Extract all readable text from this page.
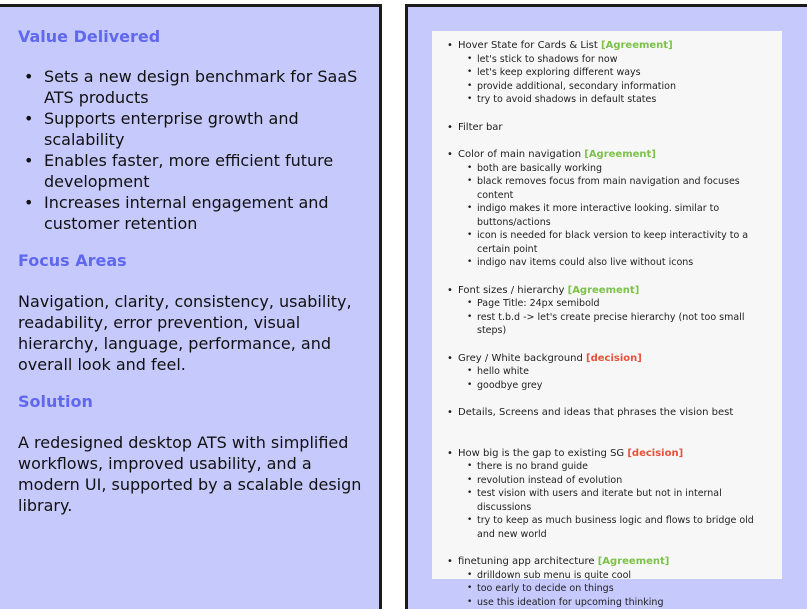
Value Delivered
• Sets a new design benchmark for SaaS ATS products
• Supports enterprise growth and scalability
• Enables faster, more efficient future development
• Increases internal engagement and customer retention
Focus Areas

Navigation, clarity, consistency, usability, readability, error prevention, visual hierarchy, language, performance, and overall look and feel.

Solution

A redesigned desktop ATS with simplified workflows, improved usability, and a modern UI, supported by a scalable design library.

• Hover State for Cards & List [Agreement]
• let's stick to shadows for now
• let's keep exploring different ways
• provide additional, secondary information
• try to avoid shadows in default states
• Filter bar
• Color of main navigation [Agreement]
• both are basically working
• black removes focus from main navigation and focuses content
• indigo makes it more interactive looking. similar to buttons/actions
• icon is needed for black version to keep interactivity to a certain point
• indigo nav items could also live without icons
• Font sizes / hierarchy [Agreement]
• Page Title: 24px semibold
• rest t.b.d -> let's create precise hierarchy (not too small steps)
• Grey / White background [decision]
• hello white
• goodbye grey
• Details, Screens and ideas that phrases the vision best
• How big is the gap to existing SG [decision]
• there is no brand guide
• revolution instead of evolution
• test vision with users and iterate but not in internal discussions
• try to keep as much business logic and flows to bridge old and new world
• finetuning app architecture [Agreement]
• drilldown sub menu is quite cool
• too early to decide on things
• use this ideation for upcoming thinking
